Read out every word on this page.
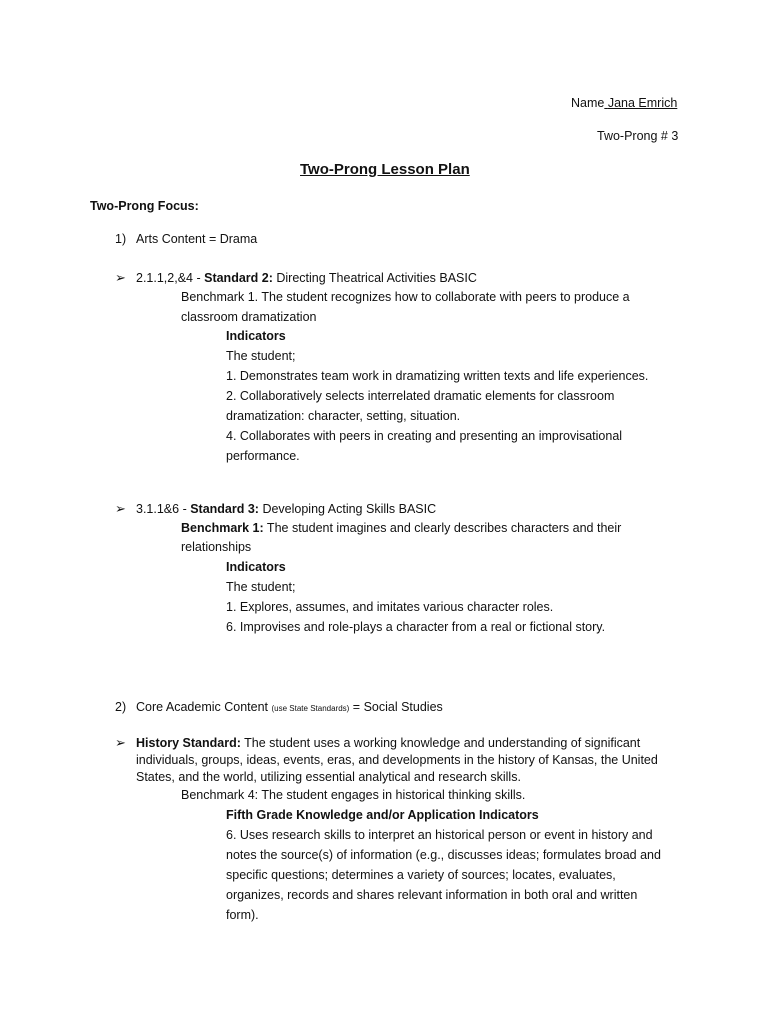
Name Jana Emrich
Two-Prong # 3
Two-Prong Lesson Plan
Two-Prong Focus:
1) Arts Content = Drama
➢ 2.1.1,2,&4 - Standard 2: Directing Theatrical Activities BASIC
Benchmark 1. The student recognizes how to collaborate with peers to produce a
classroom dramatization
Indicators
The student;
1. Demonstrates team work in dramatizing written texts and life experiences.
2. Collaboratively selects interrelated dramatic elements for classroom
dramatization: character, setting, situation.
4. Collaborates with peers in creating and presenting an improvisational
performance.
➢ 3.1.1&6 - Standard 3: Developing Acting Skills BASIC
Benchmark 1: The student imagines and clearly describes characters and their
relationships
Indicators
The student;
1. Explores, assumes, and imitates various character roles.
6. Improvises and role-plays a character from a real or fictional story.
2) Core Academic Content (use State Standards) = Social Studies
➢ History Standard: The student uses a working knowledge and understanding of significant
individuals, groups, ideas, events, eras, and developments in the history of Kansas, the United
States, and the world, utilizing essential analytical and research skills.
Benchmark 4: The student engages in historical thinking skills.
Fifth Grade Knowledge and/or Application Indicators
6. Uses research skills to interpret an historical person or event in history and
notes the source(s) of information (e.g., discusses ideas; formulates broad and
specific questions; determines a variety of sources; locates, evaluates,
organizes, records and shares relevant information in both oral and written
form).
